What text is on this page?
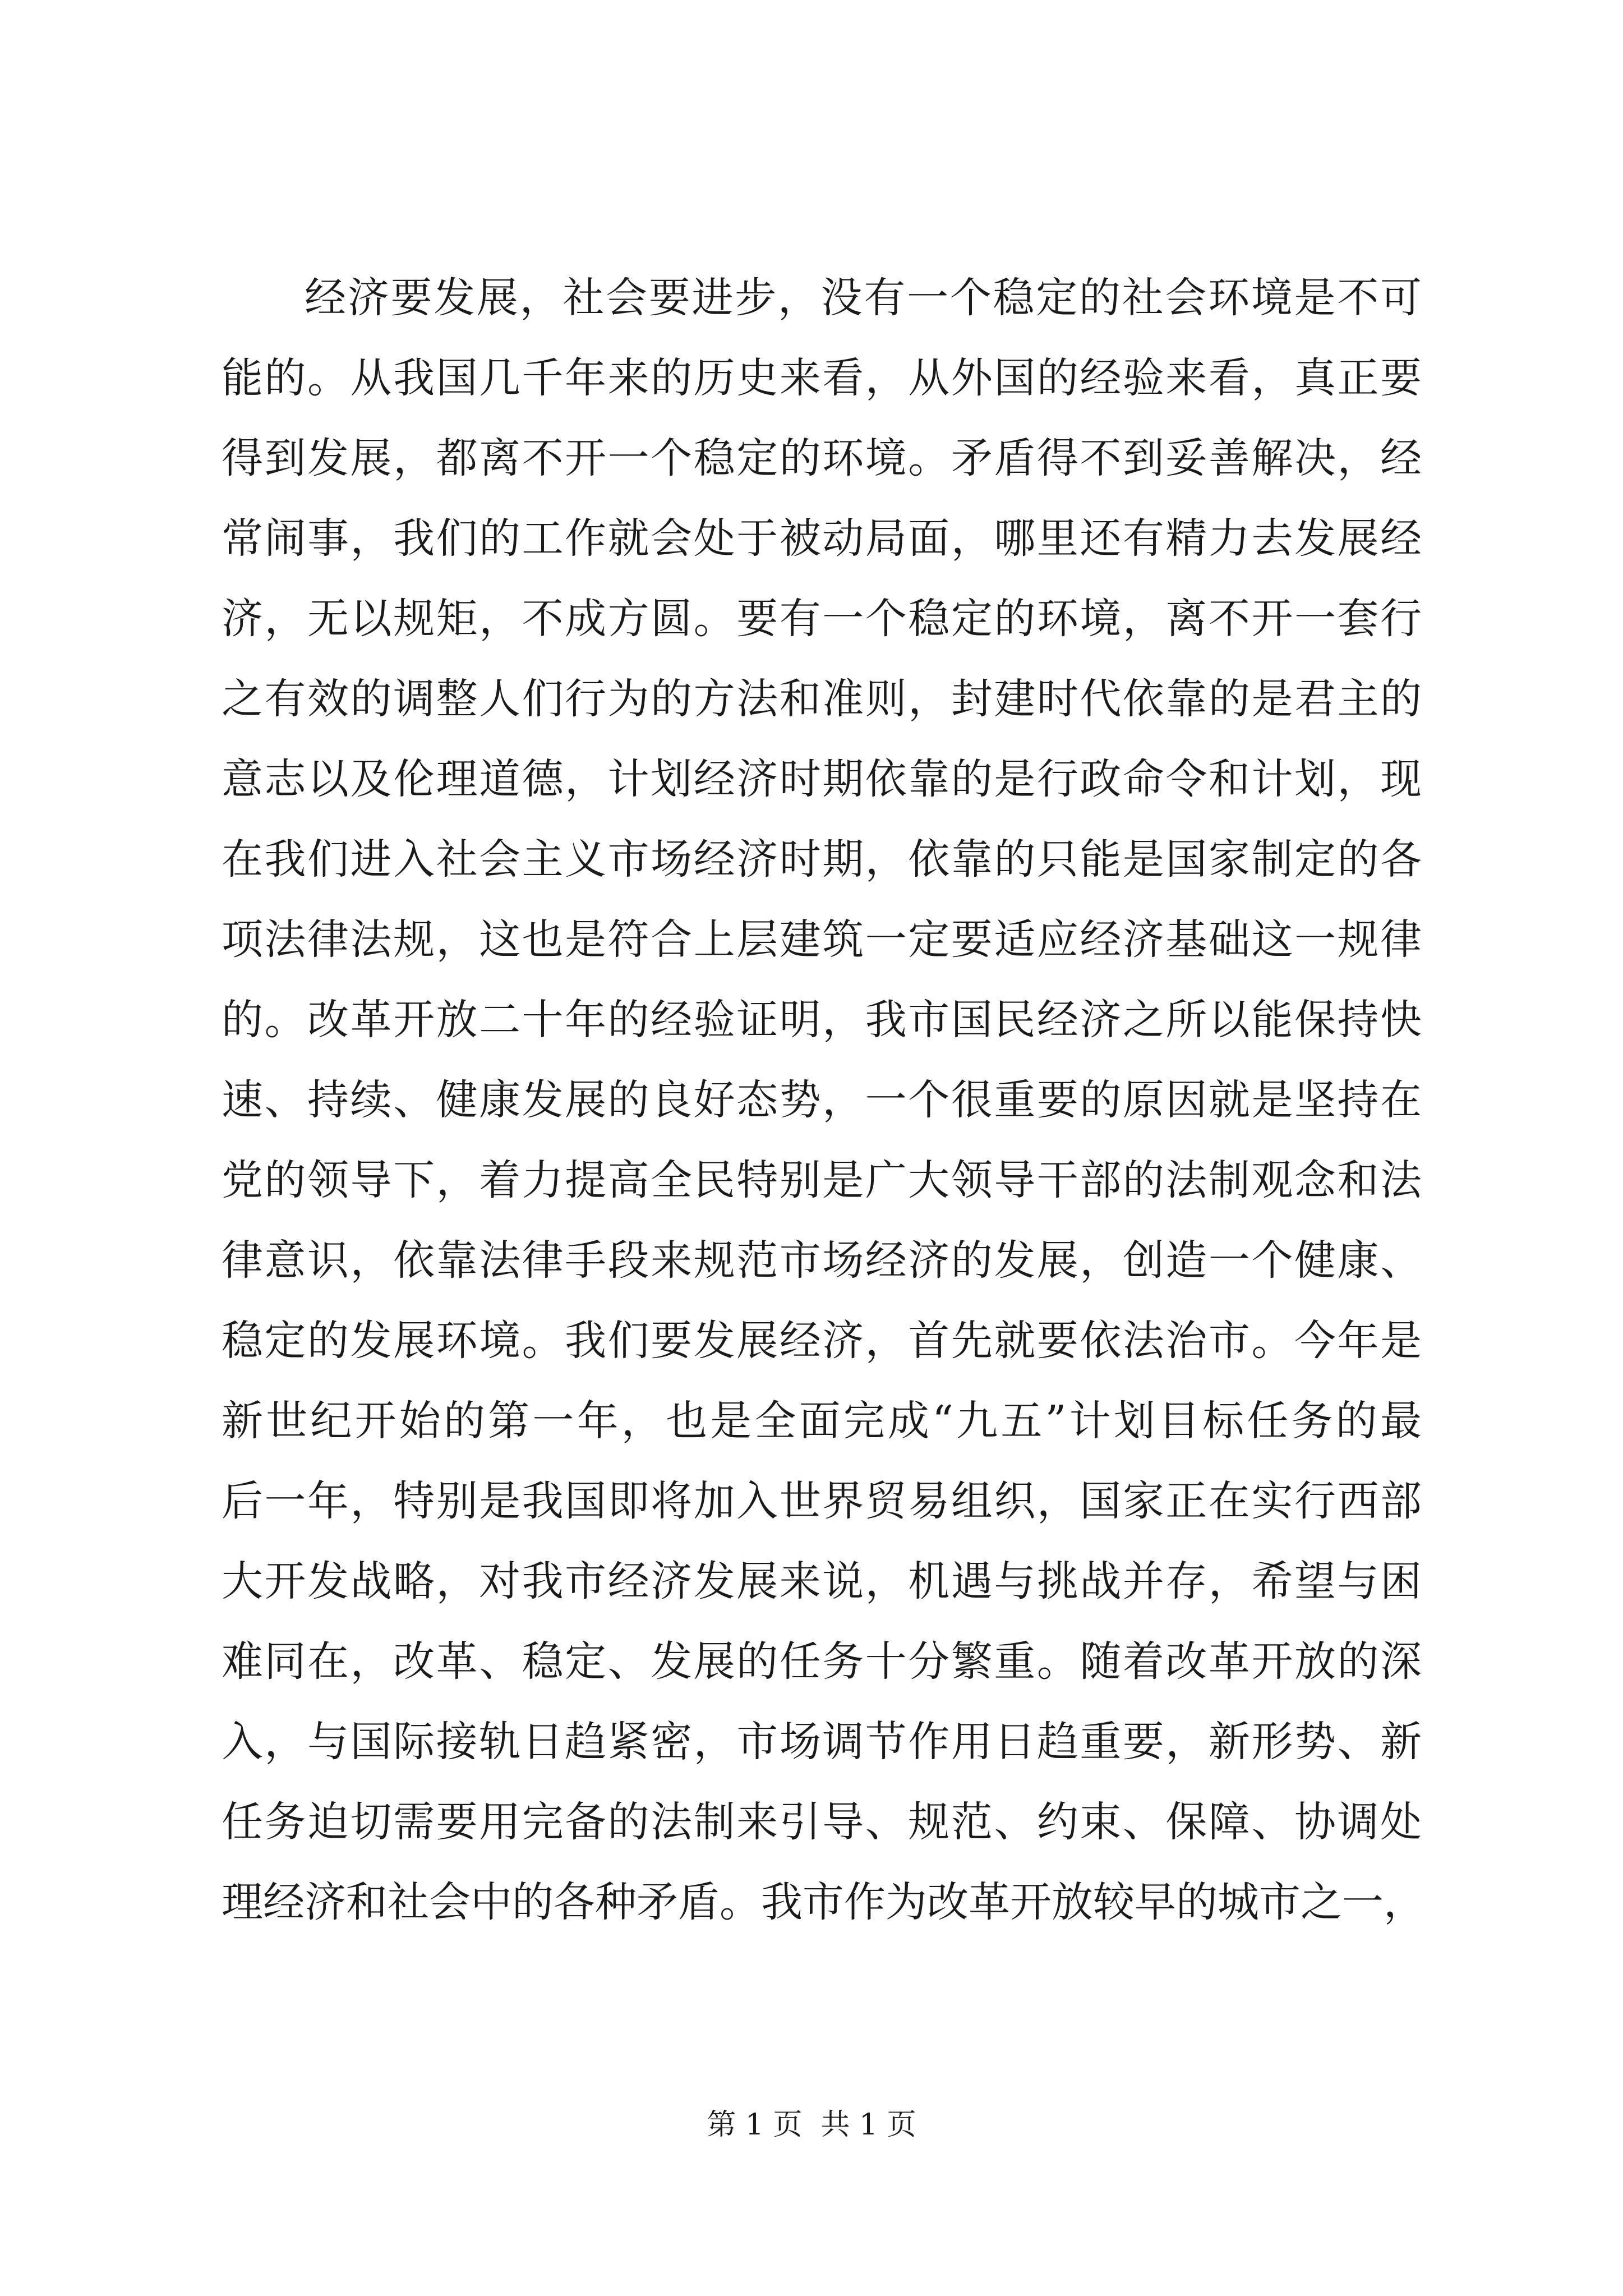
经济要发展，社会要进步，没有一个稳定的社会环境是不可
能的。从我国几千年来的历史来看，从外国的经验来看，真正要
得到发展，都离不开一个稳定的环境。矛盾得不到妥善解决，经
常闹事，我们的工作就会处于被动局面，哪里还有精力去发展经
济，无以规矩，不成方圆。要有一个稳定的环境，离不开一套行
之有效的调整人们行为的方法和准则，封建时代依靠的是君主的
意志以及伦理道德，计划经济时期依靠的是行政命令和计划，现
在我们进入社会主义市场经济时期，依靠的只能是国家制定的各
项法律法规，这也是符合上层建筑一定要适应经济基础这一规律
的。改革开放二十年的经验证明，我市国民经济之所以能保持快
速、持续、健康发展的良好态势，一个很重要的原因就是坚持在
党的领导下，着力提高全民特别是广大领导干部的法制观念和法
律意识，依靠法律手段来规范市场经济的发展，创造一个健康、
稳定的发展环境。我们要发展经济，首先就要依法治市。今年是
新世纪开始的第一年，也是全面完成“九五”计划目标任务的最
后一年，特别是我国即将加入世界贸易组织，国家正在实行西部
大开发战略，对我市经济发展来说，机遇与挑战并存，希望与困
难同在，改革、稳定、发展的任务十分繁重。随着改革开放的深
入，与国际接轨日趋紧密，市场调节作用日趋重要，新形势、新
任务迫切需要用完备的法制来引导、规范、约束、保障、协调处
理经济和社会中的各种矛盾。我市作为改革开放较早的城市之一，
第 1 页  共 1 页
